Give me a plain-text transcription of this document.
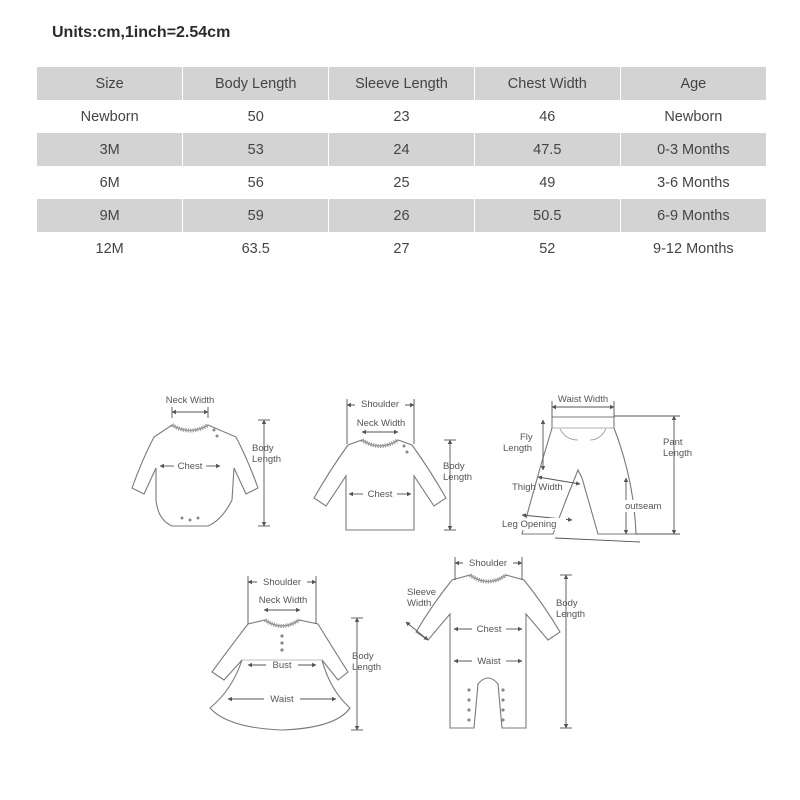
Units:cm,1inch=2.54cm
Size	Body Length	Sleeve Length	Chest Width	Age
Newborn	50	23	46	Newborn
3M	53	24	47.5	0-3 Months
6M	56	25	49	3-6 Months
9M	59	26	50.5	6-9 Months
12M	63.5	27	52	9-12 Months
Neck Width
Chest
Body
Length
Shoulder
Neck Width
Chest
Body
Length
Waist Width
Fly
Length
Pant
Length
Thigh Width
outseam
Leg Opening
Shoulder
Neck Width
Bust
Waist
Body
Length
Shoulder
Sleeve
Width
Chest
Waist
Body
Length
